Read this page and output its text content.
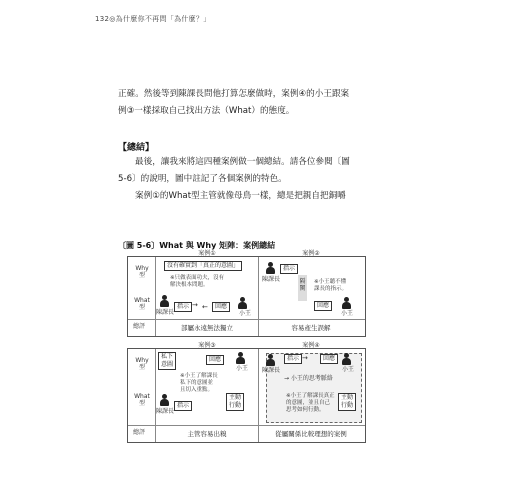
132◎為什麼你不再問「為什麼？」
正確。然後等到陳課長問他打算怎麼做時，案例④的小王跟案
例③一樣採取自己找出方法（What）的態度。
【總結】
最後，讓我來將這四種案例做一個總結。請各位參閱〔圖
5-6〕的說明，圖中註記了各個案例的特色。
案例①的What型主管就像母鳥一樣，總是把親自把銅嚼
〔圖 5-6〕What 與 Why 矩陣：案例總結
Why
型
What
型
總評
案例①
沒有確實到「真正的意圖」
※只做表面功夫，沒有
解決根本問題。
陳課長
指示 →	回應
←
小王
部屬永遠無法獨立
案例②
陳課長
指示
隔閡
※小王聽不懂
課長的指示。
回應
小王
容易產生誤解
Why
型
What
型
總評
案例③
私下
意圖
回應
小王
※小王了解課長
私下的意圖並
且切入重點。
陳課長
指示
主動
行動
主管容易出糗
案例④
陳課長
指示 →	回應
小王
→ 小王的思考脈絡
※小王了解課長真正
的意圖，並且自己
思考如何行動。
主動
行動
從屬關係比較理想的案例
